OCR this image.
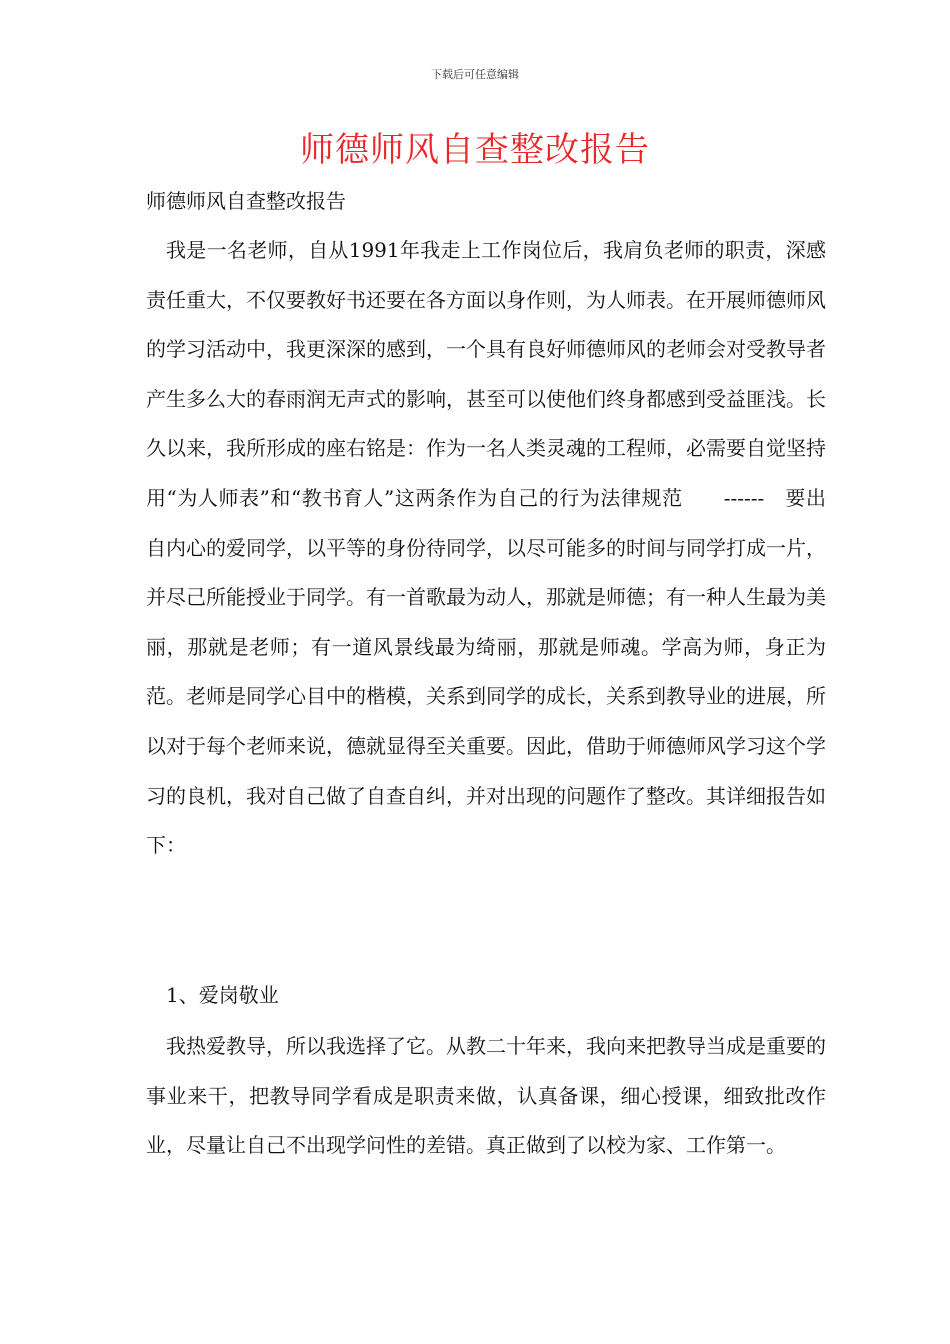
下载后可任意编辑
师德师风自查整改报告
师德师风自查整改报告
我是一名老师，自从1991年我走上工作岗位后，我肩负老师的职责，深感责任重大，不仅要教好书还要在各方面以身作则，为人师表。在开展师德师风的学习活动中，我更深深的感到，一个具有良好师德师风的老师会对受教导者产生多么大的春雨润无声式的影响，甚至可以使他们终身都感到受益匪浅。长久以来，我所形成的座右铭是：作为一名人类灵魂的工程师，必需要自觉坚持用“为人师表”和“教书育人”这两条作为自己的行为法律规范　　------　要出自内心的爱同学，以平等的身份待同学，以尽可能多的时间与同学打成一片，并尽己所能授业于同学。有一首歌最为动人，那就是师德；有一种人生最为美丽，那就是老师；有一道风景线最为绮丽，那就是师魂。学高为师，身正为范。老师是同学心目中的楷模，关系到同学的成长，关系到教导业的进展，所以对于每个老师来说，德就显得至关重要。因此，借助于师德师风学习这个学习的良机，我对自己做了自查自纠，并对出现的问题作了整改。其详细报告如下：
1、爱岗敬业
我热爱教导，所以我选择了它。从教二十年来，我向来把教导当成是重要的事业来干，把教导同学看成是职责来做，认真备课，细心授课，细致批改作业，尽量让自己不出现学问性的差错。真正做到了以校为家、工作第一。
